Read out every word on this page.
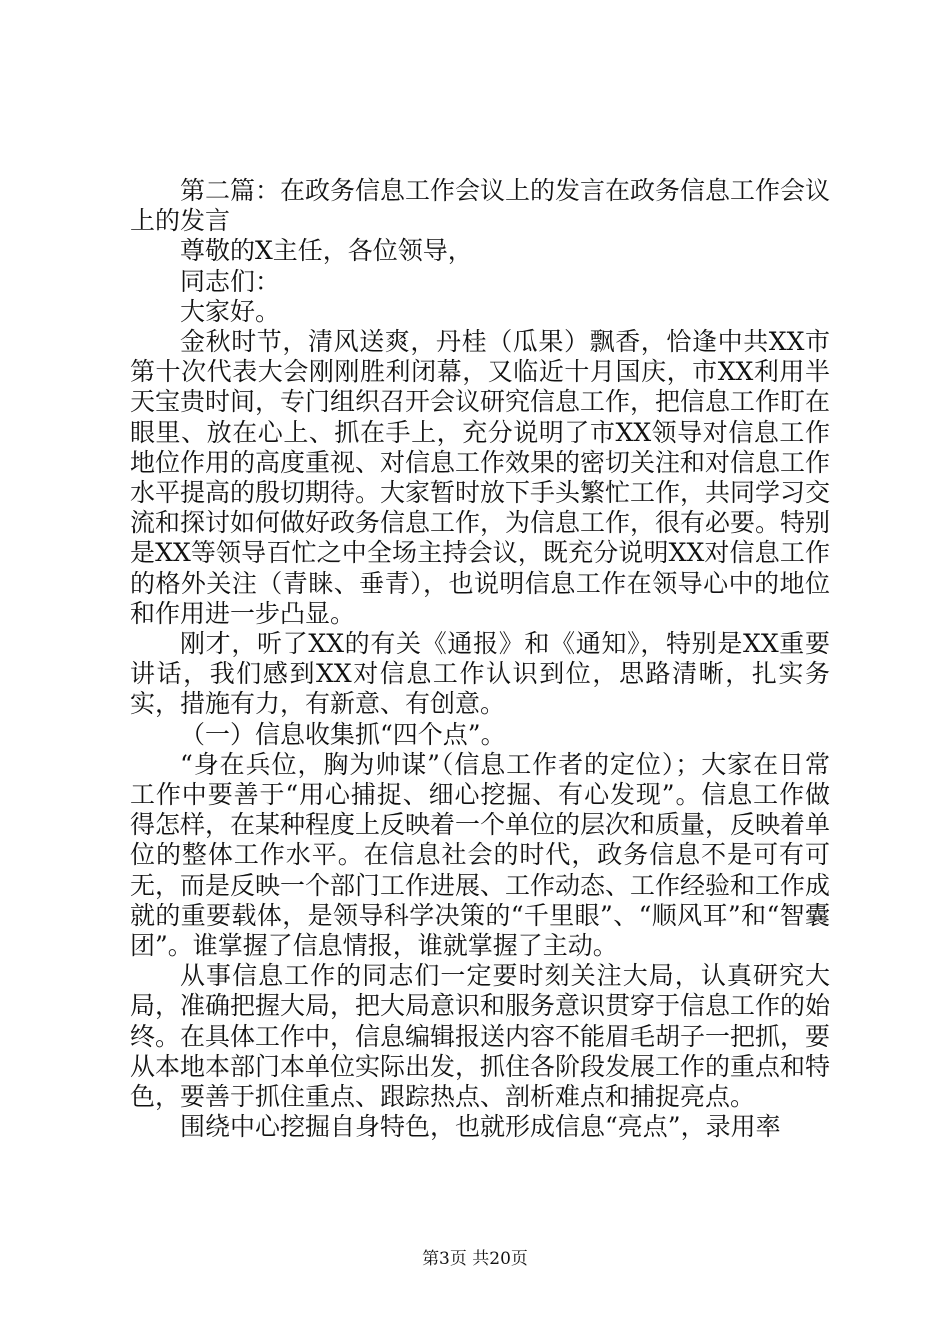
第二篇：在政务信息工作会议上的发言在政务信息工作会议上的发言

尊敬的X主任，各位领导，

同志们：

大家好。

金秋时节，清风送爽，丹桂（瓜果）飘香，恰逢中共XX市第十次代表大会刚刚胜利闭幕，又临近十月国庆，市XX利用半天宝贵时间，专门组织召开会议研究信息工作，把信息工作盯在眼里、放在心上、抓在手上，充分说明了市XX领导对信息工作地位作用的高度重视、对信息工作效果的密切关注和对信息工作水平提高的殷切期待。大家暂时放下手头繁忙工作，共同学习交流和探讨如何做好政务信息工作，为信息工作，很有必要。特别是XX等领导百忙之中全场主持会议，既充分说明XX对信息工作的格外关注（青睐、垂青），也说明信息工作在领导心中的地位和作用进一步凸显。

刚才，听了XX的有关《通报》和《通知》，特别是XX重要讲话，我们感到XX对信息工作认识到位，思路清晰，扎实务实，措施有力，有新意、有创意。

（一）信息收集抓“四个点”。

“身在兵位，胸为帅谋”（信息工作者的定位）；大家在日常工作中要善于“用心捕捉、细心挖掘、有心发现”。信息工作做得怎样，在某种程度上反映着一个单位的层次和质量，反映着单位的整体工作水平。在信息社会的时代，政务信息不是可有可无，而是反映一个部门工作进展、工作动态、工作经验和工作成就的重要载体，是领导科学决策的“千里眼”、“顺风耳”和“智囊团”。谁掌握了信息情报，谁就掌握了主动。

从事信息工作的同志们一定要时刻关注大局，认真研究大局，准确把握大局，把大局意识和服务意识贯穿于信息工作的始终。在具体工作中，信息编辑报送内容不能眉毛胡子一把抓，要从本地本部门本单位实际出发，抓住各阶段发展工作的重点和特色，要善于抓住重点、跟踪热点、剖析难点和捕捉亮点。

围绕中心挖掘自身特色，也就形成信息“亮点”，录用率

第3页 共20页
